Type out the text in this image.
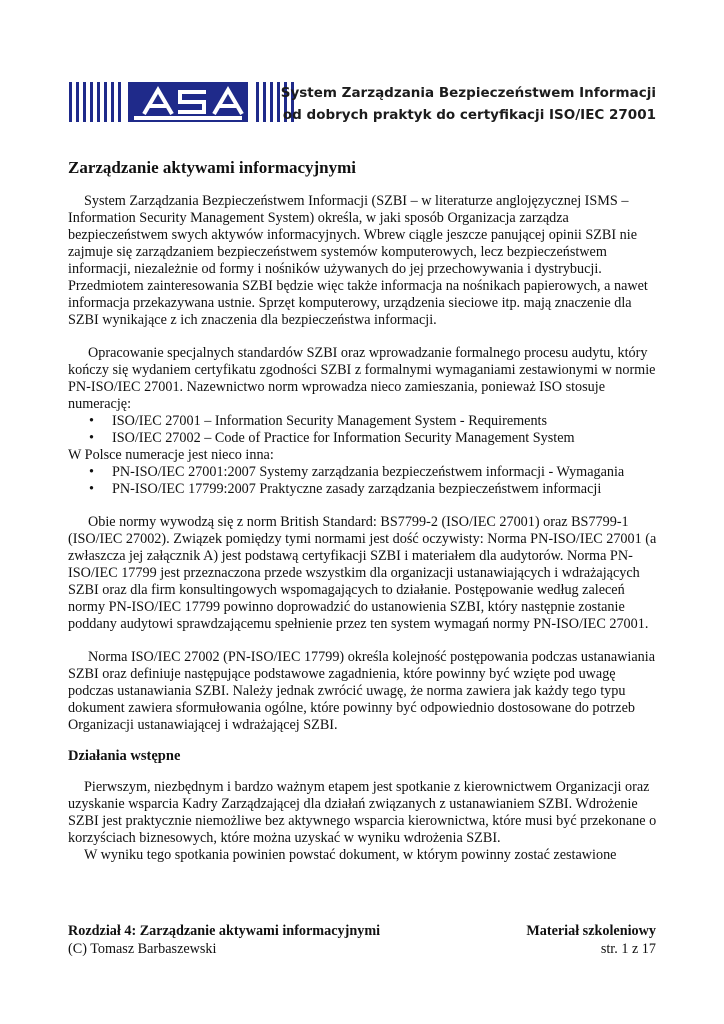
System Zarządzania Bezpieczeństwem Informacji
od dobrych praktyk do certyfikacji ISO/IEC 27001
Zarządzanie aktywami informacyjnymi

System Zarządzania Bezpieczeństwem Informacji (SZBI – w literaturze anglojęzycznej ISMS – Information Security Management System) określa, w jaki sposób Organizacja zarządza bezpieczeństwem swych aktywów informacyjnych. Wbrew ciągle jeszcze panującej opinii SZBI nie zajmuje się zarządzaniem bezpieczeństwem systemów komputerowych, lecz bezpieczeństwem informacji, niezależnie od formy i nośników używanych do jej przechowywania i dystrybucji. Przedmiotem zainteresowania SZBI będzie więc także informacja na nośnikach papierowych, a nawet informacja przekazywana ustnie. Sprzęt komputerowy, urządzenia sieciowe itp. mają znaczenie dla SZBI wynikające z ich znaczenia dla bezpieczeństwa informacji.

Opracowanie specjalnych standardów SZBI oraz wprowadzanie formalnego procesu audytu, który kończy się wydaniem certyfikatu zgodności SZBI z formalnymi wymaganiami zestawionymi w normie PN-ISO/IEC 27001. Nazewnictwo norm wprowadza nieco zamieszania, ponieważ ISO stosuje numerację:

• ISO/IEC 27001 – Information Security Management System - Requirements
• ISO/IEC 27002 – Code of Practice for Information Security Management System

W Polsce numeracje jest nieco inna:

• PN-ISO/IEC 27001:2007 Systemy zarządzania bezpieczeństwem informacji - Wymagania
• PN-ISO/IEC 17799:2007 Praktyczne zasady zarządzania bezpieczeństwem informacji

Obie normy wywodzą się z norm British Standard: BS7799-2 (ISO/IEC 27001) oraz BS7799-1 (ISO/IEC 27002). Związek pomiędzy tymi normami jest dość oczywisty: Norma PN-ISO/IEC 27001 (a zwłaszcza jej załącznik A) jest podstawą certyfikacji SZBI i materiałem dla audytorów. Norma PN-ISO/IEC 17799 jest przeznaczona przede wszystkim dla organizacji ustanawiających i wdrażających SZBI oraz dla firm konsultingowych wspomagających to działanie. Postępowanie według zaleceń normy PN-ISO/IEC 17799 powinno doprowadzić do ustanowienia SZBI, który następnie zostanie poddany audytowi sprawdzającemu spełnienie przez ten system wymagań normy PN-ISO/IEC 27001.

Norma ISO/IEC 27002 (PN-ISO/IEC 17799) określa kolejność postępowania podczas ustanawiania SZBI oraz definiuje następujące podstawowe zagadnienia, które powinny być wzięte pod uwagę podczas ustanawiania SZBI. Należy jednak zwrócić uwagę, że norma zawiera jak każdy tego typu dokument zawiera sformułowania ogólne, które powinny być odpowiednio dostosowane do potrzeb Organizacji ustanawiającej i wdrażającej SZBI.

Działania wstępne

Pierwszym, niezbędnym i bardzo ważnym etapem jest spotkanie z kierownictwem Organizacji oraz uzyskanie wsparcia Kadry Zarządzającej dla działań związanych z ustanawianiem SZBI. Wdrożenie SZBI jest praktycznie niemożliwe bez aktywnego wsparcia kierownictwa, które musi być przekonane o korzyściach biznesowych, które można uzyskać w wyniku wdrożenia SZBI.

W wyniku tego spotkania powinien powstać dokument, w którym powinny zostać zestawione

Rozdział 4: Zarządzanie aktywami informacyjnymi	Materiał szkoleniowy
(C) Tomasz Barbaszewski	str. 1 z 17
